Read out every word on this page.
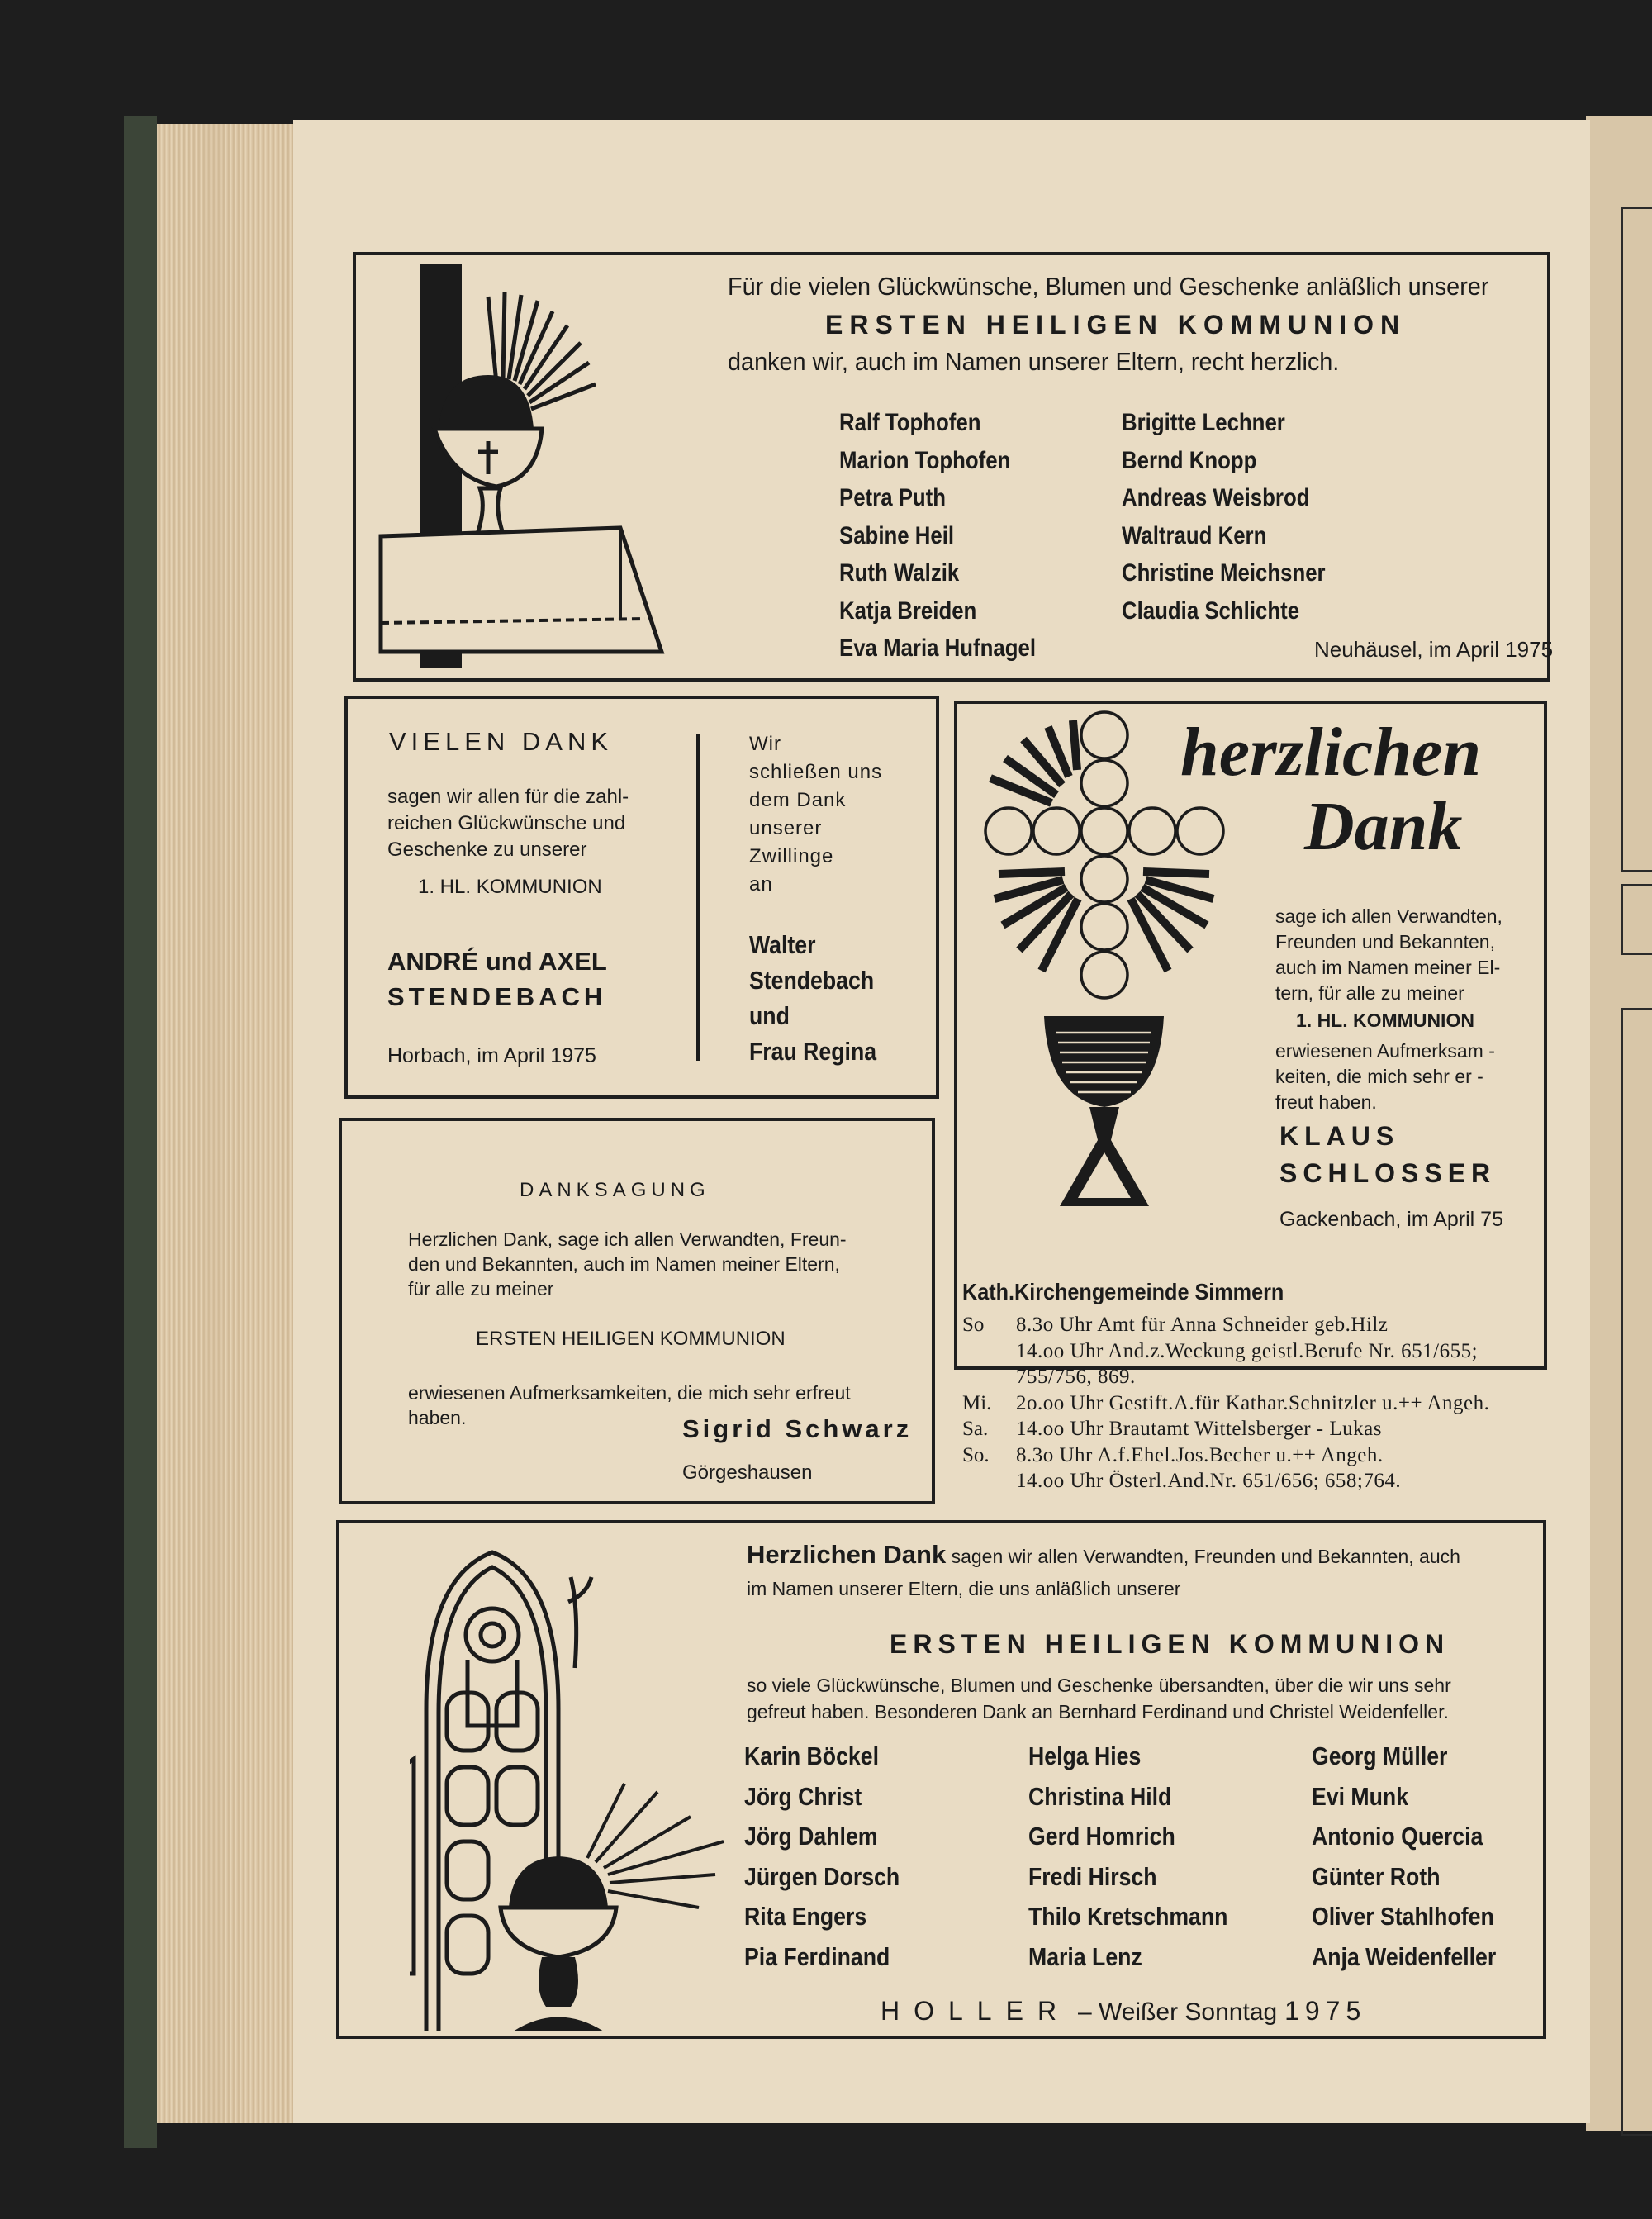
Für die vielen Glückwünsche, Blumen und Geschenke anläßlich unserer
ERSTEN HEILIGEN KOMMUNION
danken wir, auch im Namen unserer Eltern, recht herzlich.
Ralf Tophofen
Marion Tophofen
Petra Puth
Sabine Heil
Ruth Walzik
Katja Breiden
Eva Maria Hufnagel
Brigitte Lechner
Bernd Knopp
Andreas Weisbrod
Waltraud Kern
Christine Meichsner
Claudia Schlichte
Neuhäusel, im April 1975
VIELEN DANK
sagen wir allen für die zahl-
reichen Glückwünsche und
Geschenke zu unserer
1. HL. KOMMUNION
ANDRÉ und AXEL
STENDEBACH
Horbach, im April 1975
Wir
schließen uns
dem Dank
unserer
Zwillinge
an
Walter
Stendebach
und
Frau Regina
herzlichen
Dank
sage ich allen Verwandten,
Freunden und Bekannten,
auch im Namen meiner El-
tern, für alle zu meiner
1. HL. KOMMUNION
erwiesenen Aufmerksam -
keiten, die mich sehr er -
freut haben.
KLAUS
SCHLOSSER
Gackenbach, im April 75
DANKSAGUNG
Herzlichen Dank, sage ich allen Verwandten, Freun-
den und Bekannten, auch im Namen meiner Eltern,
für alle zu meiner
ERSTEN HEILIGEN KOMMUNION
erwiesenen Aufmerksamkeiten, die mich sehr erfreut
haben.	Sigrid Schwarz
Görgeshausen
Kath.Kirchengemeinde Simmern
So 8.3o Uhr Amt für Anna Schneider geb.Hilz
14.oo Uhr And.z.Weckung geistl.Berufe Nr. 651/655;
755/756, 869.
Mi. 2o.oo Uhr Gestift.A.für Kathar.Schnitzler u.++ Angeh.
Sa. 14.oo Uhr Brautamt Wittelsberger - Lukas
So. 8.3o Uhr A.f.Ehel.Jos.Becher u.++ Angeh.
14.oo Uhr Österl.And.Nr. 651/656; 658;764.
Herzlichen Dank sagen wir allen Verwandten, Freunden und Bekannten, auch
im Namen unserer Eltern, die uns anläßlich unserer
ERSTEN HEILIGEN KOMMUNION
so viele Glückwünsche, Blumen und Geschenke übersandten, über die wir uns sehr
gefreut haben. Besonderen Dank an Bernhard Ferdinand und Christel Weidenfeller.
Karin Böckel
Jörg Christ
Jörg Dahlem
Jürgen Dorsch
Rita Engers
Pia Ferdinand
Helga Hies
Christina Hild
Gerd Homrich
Fredi Hirsch
Thilo Kretschmann
Maria Lenz
Georg Müller
Evi Munk
Antonio Quercia
Günter Roth
Oliver Stahlhofen
Anja Weidenfeller
HOLLER – Weißer Sonntag 1975
